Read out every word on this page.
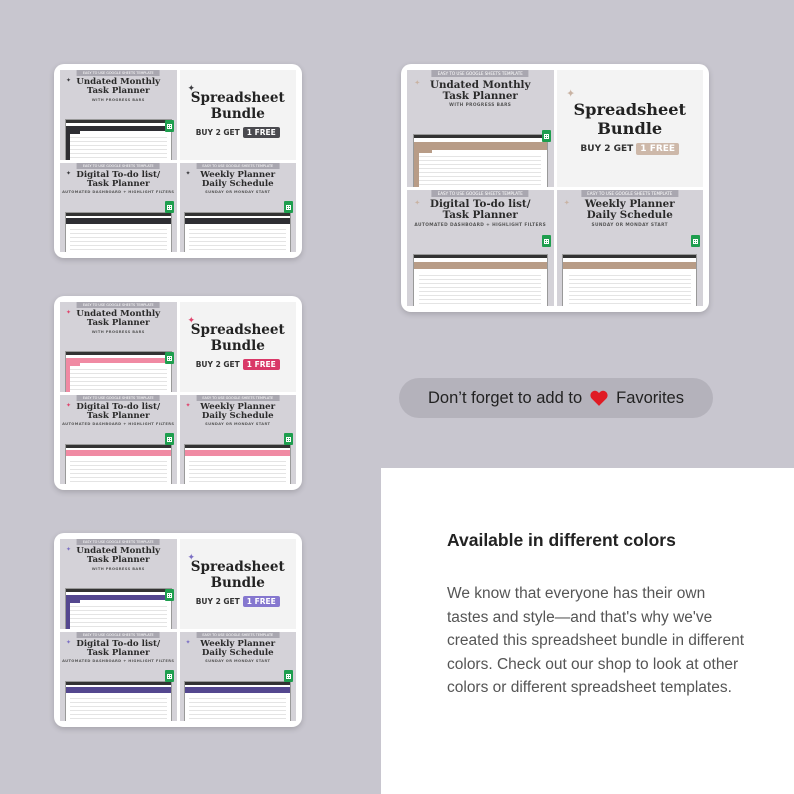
EASY TO USE GOOGLE SHEETS TEMPLATE
✦ Undated Monthly
Task Planner
WITH PROGRESS BARS
✦
Spreadsheet
Bundle
BUY 2 GET 1 FREE
EASY TO USE GOOGLE SHEETS TEMPLATE
✦ Digital To-do list/
Task Planner
AUTOMATED DASHBOARD + HIGHLIGHT FILTERS
EASY TO USE GOOGLE SHEETS TEMPLATE
✦	Weekly Planner
Daily Schedule
SUNDAY OR MONDAY START
EASY TO USE GOOGLE SHEETS TEMPLATE
✦ Undated Monthly
Task Planner
WITH PROGRESS BARS
✦
Spreadsheet
Bundle
BUY 2 GET 1 FREE
EASY TO USE GOOGLE SHEETS TEMPLATE
✦ Digital To-do list/
Task Planner
AUTOMATED DASHBOARD + HIGHLIGHT FILTERS
EASY TO USE GOOGLE SHEETS TEMPLATE
✦	Weekly Planner
Daily Schedule
SUNDAY OR MONDAY START
EASY TO USE GOOGLE SHEETS TEMPLATE
✦ Undated Monthly
Task Planner
WITH PROGRESS BARS
✦
Spreadsheet
Bundle
BUY 2 GET 1 FREE
EASY TO USE GOOGLE SHEETS TEMPLATE
✦ Digital To-do list/
Task Planner
AUTOMATED DASHBOARD + HIGHLIGHT FILTERS
EASY TO USE GOOGLE SHEETS TEMPLATE
✦	Weekly Planner
Daily Schedule
SUNDAY OR MONDAY START
EASY TO USE GOOGLE SHEETS TEMPLATE
✦ Undated Monthly
Task Planner
WITH PROGRESS BARS
✦
Spreadsheet
Bundle
BUY 2 GET 1 FREE
EASY TO USE GOOGLE SHEETS TEMPLATE
✦ Digital To-do list/
Task Planner
AUTOMATED DASHBOARD + HIGHLIGHT FILTERS
EASY TO USE GOOGLE SHEETS TEMPLATE
✦	Weekly Planner
Daily Schedule
SUNDAY OR MONDAY START
Don’t forget to add to Favorites
Available in different colors
We know that everyone has their own tastes and style—and that's why we've created this spreadsheet bundle in different colors. Check out our shop to look at other colors or different spreadsheet templates.
